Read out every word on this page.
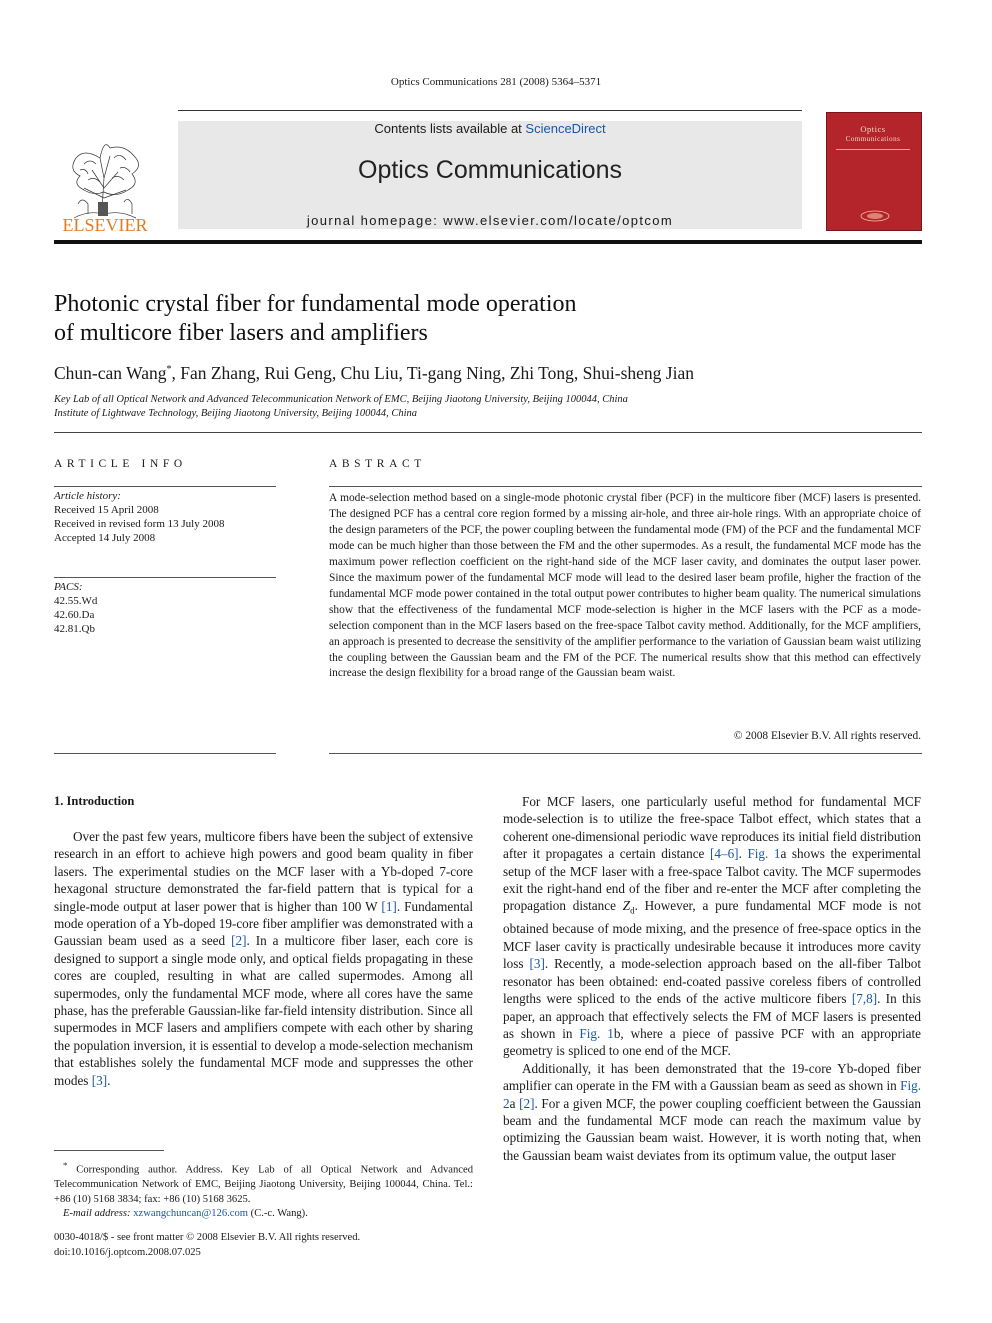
Optics Communications 281 (2008) 5364–5371
ELSEVIER
Contents lists available at ScienceDirect
Optics Communications
journal homepage: www.elsevier.com/locate/optcom
Optics
Communications
Photonic crystal fiber for fundamental mode operation
of multicore fiber lasers and amplifiers
Chun-can Wang*, Fan Zhang, Rui Geng, Chu Liu, Ti-gang Ning, Zhi Tong, Shui-sheng Jian
Key Lab of all Optical Network and Advanced Telecommunication Network of EMC, Beijing Jiaotong University, Beijing 100044, China
Institute of Lightwave Technology, Beijing Jiaotong University, Beijing 100044, China
ARTICLE INFO
Article history:
Received 15 April 2008
Received in revised form 13 July 2008
Accepted 14 July 2008
PACS:
42.55.Wd
42.60.Da
42.81.Qb
ABSTRACT
A mode-selection method based on a single-mode photonic crystal fiber (PCF) in the multicore fiber (MCF) lasers is presented. The designed PCF has a central core region formed by a missing air-hole, and three air-hole rings. With an appropriate choice of the design parameters of the PCF, the power coupling between the fundamental mode (FM) of the PCF and the fundamental MCF mode can be much higher than those between the FM and the other supermodes. As a result, the fundamental MCF mode has the maximum power reflection coefficient on the right-hand side of the MCF laser cavity, and dominates the output laser power. Since the maximum power of the fundamental MCF mode will lead to the desired laser beam profile, higher the fraction of the fundamental MCF mode power contained in the total output power contributes to higher beam quality. The numerical simulations show that the effectiveness of the fundamental MCF mode-selection is higher in the MCF lasers with the PCF as a mode-selection component than in the MCF lasers based on the free-space Talbot cavity method. Additionally, for the MCF amplifiers, an approach is presented to decrease the sensitivity of the amplifier performance to the variation of Gaussian beam waist utilizing the coupling between the Gaussian beam and the FM of the PCF. The numerical results show that this method can effectively increase the design flexibility for a broad range of the Gaussian beam waist.
© 2008 Elsevier B.V. All rights reserved.
1. Introduction

Over the past few years, multicore fibers have been the subject of extensive research in an effort to achieve high powers and good beam quality in fiber lasers. The experimental studies on the MCF laser with a Yb-doped 7-core hexagonal structure demonstrated the far-field pattern that is typical for a single-mode output at laser power that is higher than 100 W [1]. Fundamental mode operation of a Yb-doped 19-core fiber amplifier was demonstrated with a Gaussian beam used as a seed [2]. In a multicore fiber laser, each core is designed to support a single mode only, and optical fields propagating in these cores are coupled, resulting in what are called supermodes. Among all supermodes, only the fundamental MCF mode, where all cores have the same phase, has the preferable Gaussian-like far-field intensity distribution. Since all supermodes in MCF lasers and amplifiers compete with each other by sharing the population inversion, it is essential to develop a mode-selection mechanism that establishes solely the fundamental MCF mode and suppresses the other modes [3].

For MCF lasers, one particularly useful method for fundamental MCF mode-selection is to utilize the free-space Talbot effect, which states that a coherent one-dimensional periodic wave reproduces its initial field distribution after it propagates a certain distance [4–6]. Fig. 1a shows the experimental setup of the MCF laser with a free-space Talbot cavity. The MCF supermodes exit the right-hand end of the fiber and re-enter the MCF after completing the propagation distance $Z_d$. However, a pure fundamental MCF mode is not obtained because of mode mixing, and the presence of free-space optics in the MCF laser cavity is practically undesirable because it introduces more cavity loss [3]. Recently, a mode-selection approach based on the all-fiber Talbot resonator has been obtained: end-coated passive coreless fibers of controlled lengths were spliced to the ends of the active multicore fibers [7,8]. In this paper, an approach that effectively selects the FM of MCF lasers is presented as shown in Fig. 1b, where a piece of passive PCF with an appropriate geometry is spliced to one end of the MCF.

Additionally, it has been demonstrated that the 19-core Yb-doped fiber amplifier can operate in the FM with a Gaussian beam as seed as shown in Fig. 2a [2]. For a given MCF, the power coupling coefficient between the Gaussian beam and the fundamental MCF mode can reach the maximum value by optimizing the Gaussian beam waist. However, it is worth noting that, when the Gaussian beam waist deviates from its optimum value, the output laser

* Corresponding author. Address. Key Lab of all Optical Network and Advanced Telecommunication Network of EMC, Beijing Jiaotong University, Beijing 100044, China. Tel.: +86 (10) 5168 3834; fax: +86 (10) 5168 3625.

E-mail address: xzwangchuncan@126.com (C.-c. Wang).

0030-4018/$ - see front matter © 2008 Elsevier B.V. All rights reserved.
doi:10.1016/j.optcom.2008.07.025
